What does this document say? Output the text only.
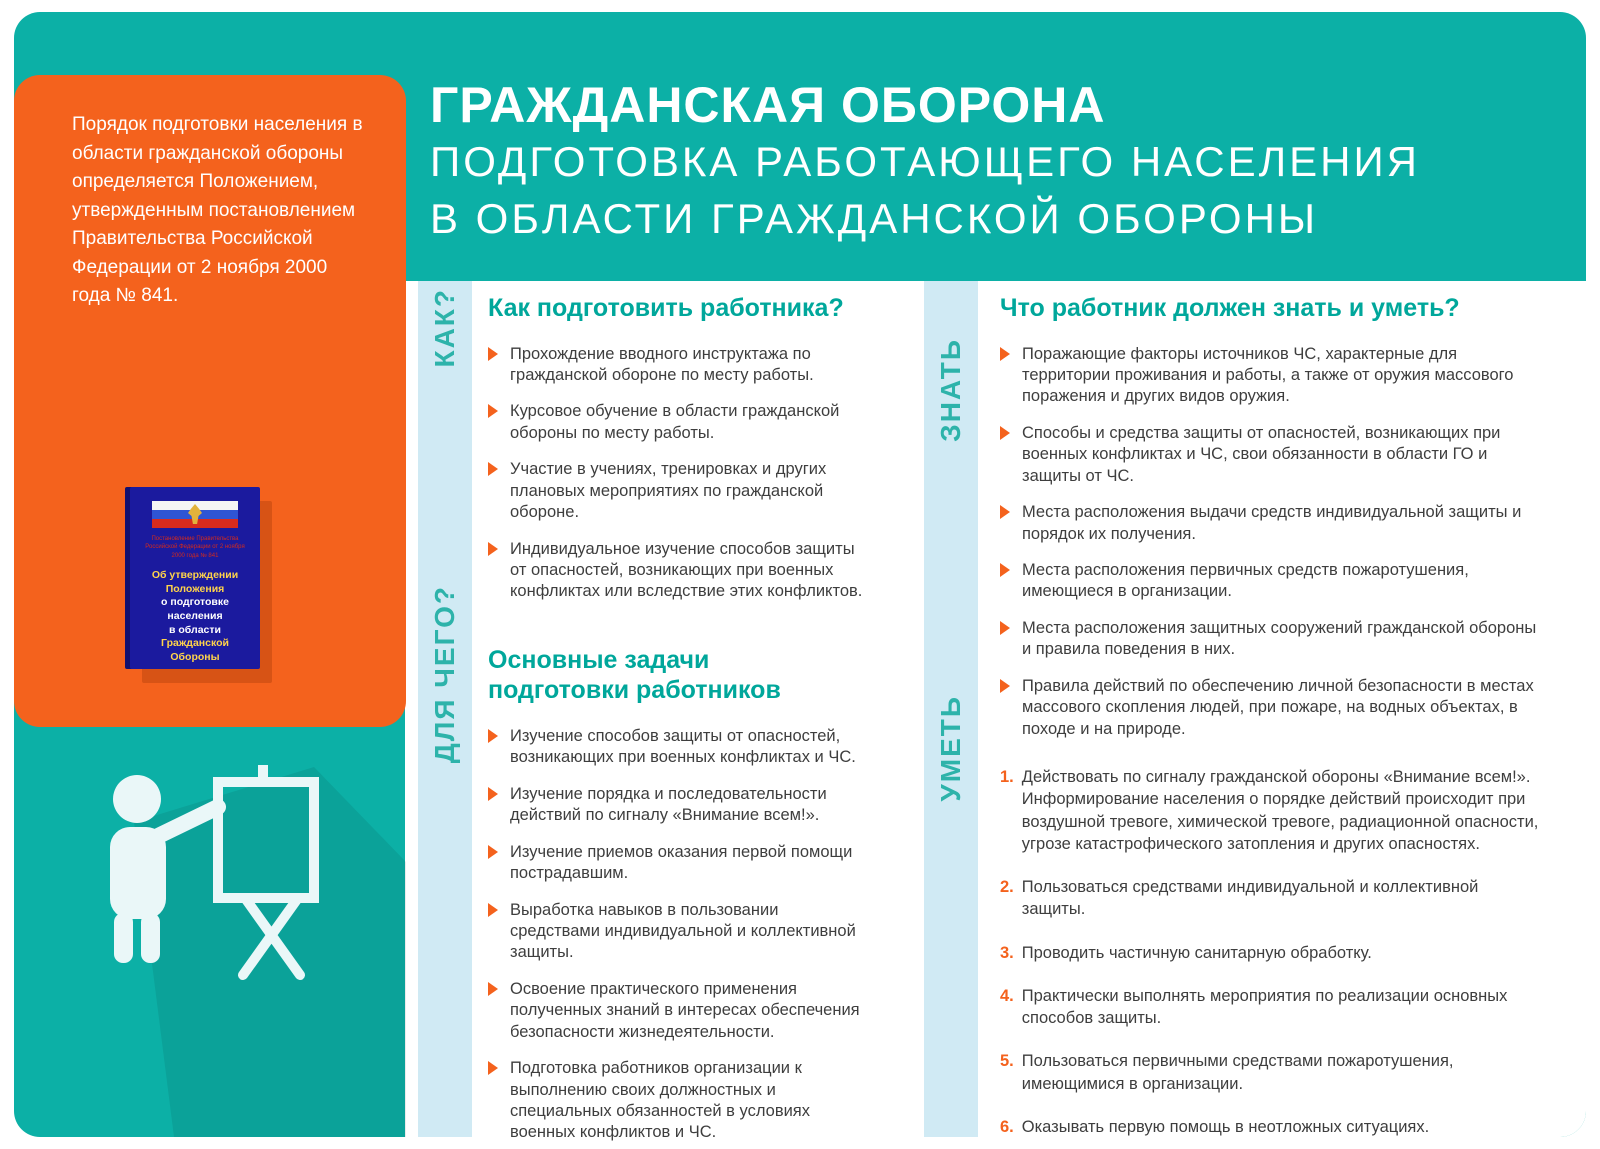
ГРАЖДАНСКАЯ ОБОРОНА
ПОДГОТОВКА РАБОТАЮЩЕГО НАСЕЛЕНИЯ
В ОБЛАСТИ ГРАЖДАНСКОЙ ОБОРОНЫ

Порядок подготовки населения в области гражданской обороны определяется Положением, утвержденным постановлением Правительства Российской Федерации от 2 ноября 2000 года № 841.

Постановление Правительства Российской Федерации от 2 ноября 2000 года № 841
Об утверждении Положения
о подготовке населения
в области
Гражданской Обороны
КАК?
ДЛЯ ЧЕГО?
ЗНАТЬ
УМЕТЬ
Как подготовить работника?
Прохождение вводного инструктажа по гражданской обороне по месту работы.
Курсовое обучение в области гражданской обороны по месту работы.
Участие в учениях, тренировках и других плановых мероприятиях по гражданской обороне.
Индивидуальное изучение способов защиты от опасностей, возникающих при военных конфликтах или вследствие этих конфликтов.
Основные задачи подготовки работников
Изучение способов защиты от опасностей, возникающих при военных конфликтах и ЧС.
Изучение порядка и последовательности действий по сигналу «Внимание всем!».
Изучение приемов оказания первой помощи пострадавшим.
Выработка навыков в пользовании средствами индивидуальной и коллективной защиты.
Освоение практического применения полученных знаний в интересах обеспечения безопасности жизнедеятельности.
Подготовка работников организации к выполнению своих должностных и специальных обязанностей в условиях военных конфликтов и ЧС.
Что работник должен знать и уметь?
Поражающие факторы источников ЧС, характерные для территории проживания и работы, а также от оружия массового поражения и других видов оружия.
Способы и средства защиты от опасностей, возникающих при военных конфликтах и ЧС, свои обязанности в области ГО и защиты от ЧС.
Места расположения выдачи средств индивидуальной защиты и порядок их получения.
Места расположения первичных средств пожаротушения, имеющиеся в организации.
Места расположения защитных сооружений гражданской обороны и правила поведения в них.
Правила действий по обеспечению личной безопасности в местах массового скопления людей, при пожаре, на водных объектах, в походе и на природе.
1. Действовать по сигналу гражданской обороны «Внимание всем!». Информирование населения о порядке действий происходит при воздушной тревоге, химической тревоге, радиационной опасности, угрозе катастрофического затопления и других опасностях.
2. Пользоваться средствами индивидуальной и коллективной защиты.
3. Проводить частичную санитарную обработку.
4. Практически выполнять мероприятия по реализации основных способов защиты.
5. Пользоваться первичными средствами пожаротушения, имеющимися в организации.
6. Оказывать первую помощь в неотложных ситуациях.
